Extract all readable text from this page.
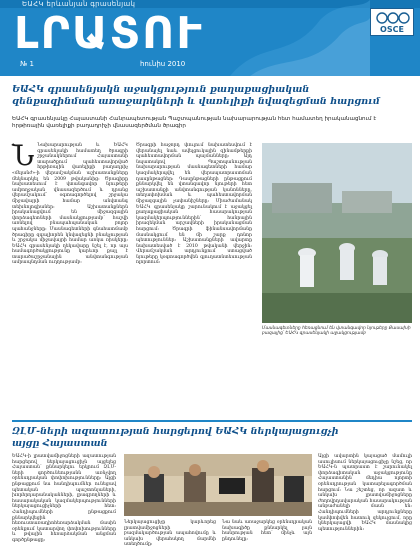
ԵԱՀԿ երևանյան գրասենյակ
ԼՐԱՏՈՒ
№ 1	հունիս 2010
OSCE
ԵԱՀԿ գրասենյակն աջակցություն քաղաքացիական զենքազինման առաջարկների և վառելիքի նվազեցման հարցում
ԵԱՀԿ գրասենյակը Հայաստանի Հանրապետության Պաշտպանության նախարարության հետ համատեղ իրականացնում է հրթիռային վառելիքի բաղադրիչի վնասազերծման ծրագիր
Ն Նախարարության և ԵԱՀԿ գրասենյակի համատեղ ծրագրի շրջանակներում Հայաստանի տարածքում պահեստավորված հրթիռային վառելիքի բաղադրիչ «մելանժ»-ի վերամշակման աշխատանքները մեկնարկել են 2009 թվականից։ Ծրագիրը նախատեսում է վտանգավոր նյութերի ամբողջական վնասազերծում և դրանց վերամշակում՝ օգտագործելով շրջակա միջավայրի համար անվտանգ տեխնոլոգիաներ։ Աշխատանքներն իրականացվում են միջազգային փորձագետների մասնակցությամբ՝ հաշվի առնելով բնապահպանական բոլոր պահանջները։ Մասնագետների գնահատմամբ ծրագիրը զգալիորեն կնվազեցնի բնակչության և շրջակա միջավայրի համար առկա ռիսկերը։ ԵԱՀԿ գրասենյակի ղեկավարը նշել է, որ այս համագործակցությունը կարևոր քայլ է տարածաշրջանային անվտանգության ամրապնդման ուղղությամբ։
Ծրագրի հաջորդ փուլում նախատեսվում է վերանայել նաև ավելցուկային զինամթերքի պահեստավորման պայմանները։ Այդ նպատակով Պաշտպանության նախարարության մասնագետների համար կազմակերպվել են վերապատրաստման դասընթացներ։ Դասընթացների ընթացքում քննարկվել են վտանգավոր նյութերի հետ աշխատանքի անվտանգության կանոնները, տեղափոխման և պահեստավորման միջազգային չափանիշները։ Միաժամանակ ԵԱՀԿ գրասենյակը շարունակում է աջակցել քաղաքացիական հասարակության կազմակերպություններին՝ հանրային իրազեկման արշավների իրականացման հարցում։ Ծրագրի ֆինանսավորմանը մասնակցում են մի շարք դոնոր պետություններ։ Աշխատանքների ավարտը նախատեսված է 2010 թվականի վերջին։ Վերամշակման արդյունքում ստացված նյութերը կօգտագործվեն գյուղատնտեսության ոլորտում։
Մասնագետները հեռացնում են վտանգավոր նյութերը Քասախի բազայից՝ ԵԱՀԿ գրասենյակի աջակցությամբ
ԶԼՄ-ների ազատության հարցերով ԵԱՀԿ ներկայացուցչի այցը Հայաստան
ԵԱՀԿ-ի լրատվամիջոցների ազատության հարցերով ներկայացուցիչն այցելեց Հայաստան՝ քննարկելու երկրում ԶԼՄ-ների գործունեությանն առնչվող օրենսդրական փոփոխությունները։ Այցի ընթացքում նա հանդիպումներ ունեցավ պետական պաշտոնյաների, խորհրդարանականների, լրագրողների և հասարակական կազմակերպությունների ներկայացուցիչների հետ։ Հանդիպումների ընթացքում քննարկվեցին հեռուստառադիոհեռարձակման մասին օրենքում կատարվող փոփոխությունները և թվային հեռարձակման անցման գործընթացը։
Ներկայացուցիչը կարևորեց լրատվամիջոցների բազմակարծության ապահովումը և անկախ վերահսկող մարմնի ստեղծումը։
Նա նաև առաջարկեց օրենսդրական նախագիծը քննարկել լայն հանրության հետ՝ մինչև այն ընդունելը։
Այցի ավարտին կայացած մամուլի ասուլիսում ներկայացուցիչը նշեց, որ ԵԱՀԿ-ն պատրաստ է շարունակել փորձագիտական աջակցությունը Հայաստանին՝ մեդիա ոլորտի օրենսդրության կատարելագործման հարցում։ Նա շեշտեց, որ ազատ և անկախ լրատվամիջոցները ժողովրդավարական հասարակության անբաժանելի մասն են։ Հանդիպումների արդյունքները կամփոփվեն հատուկ զեկույցում, որը կներկայացվի ԵԱՀԿ մասնակից պետություններին։
